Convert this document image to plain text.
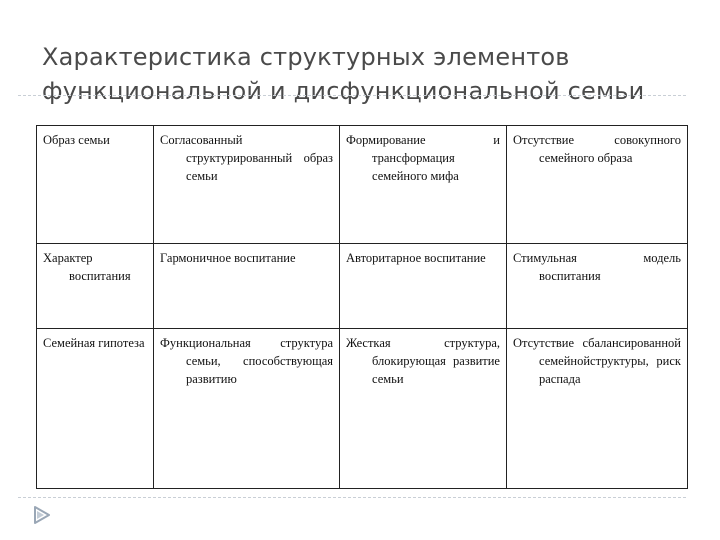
Характеристика структурных элементов
функциональной и дисфункциональной семьи
Образ семьи	Согласованный структурированный образ семьи	Формирование и трансформация семейного мифа	Отсутствие совокупного семейного образа

Характер воспитания	Гармоничное воспитание	Авторитарное воспитание	Стимульная модель воспитания

Семейная гипотеза	Функциональная структура семьи, способствующая развитию	Жесткая структура, блокирующая развитие семьи	Отсутствие сбалансированной семейнойструктуры, риск распада
